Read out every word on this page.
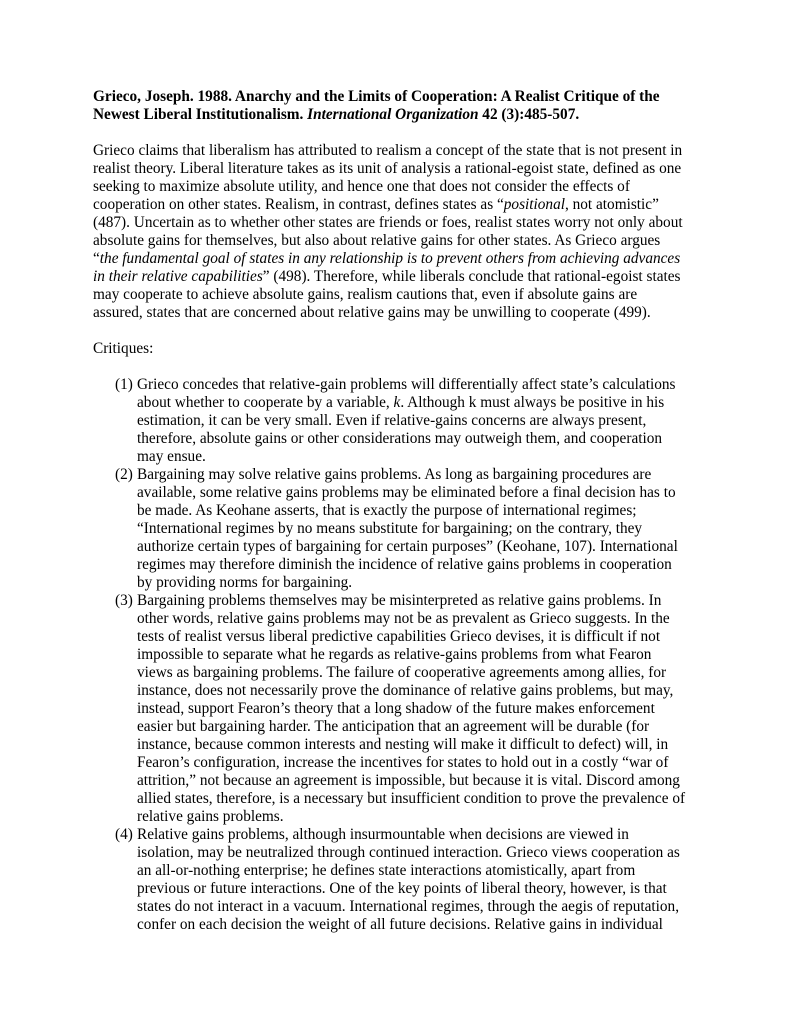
Grieco, Joseph. 1988. Anarchy and the Limits of Cooperation: A Realist Critique of the
Newest Liberal Institutionalism. International Organization 42 (3):485-507.
Grieco claims that liberalism has attributed to realism a concept of the state that is not present in
realist theory. Liberal literature takes as its unit of analysis a rational-egoist state, defined as one
seeking to maximize absolute utility, and hence one that does not consider the effects of
cooperation on other states. Realism, in contrast, defines states as “positional, not atomistic”
(487). Uncertain as to whether other states are friends or foes, realist states worry not only about
absolute gains for themselves, but also about relative gains for other states. As Grieco argues
“the fundamental goal of states in any relationship is to prevent others from achieving advances
in their relative capabilities” (498). Therefore, while liberals conclude that rational-egoist states
may cooperate to achieve absolute gains, realism cautions that, even if absolute gains are
assured, states that are concerned about relative gains may be unwilling to cooperate (499).
Critiques:
(1) Grieco concedes that relative-gain problems will differentially affect state’s calculations
about whether to cooperate by a variable, k. Although k must always be positive in his
estimation, it can be very small. Even if relative-gains concerns are always present,
therefore, absolute gains or other considerations may outweigh them, and cooperation
may ensue.
(2) Bargaining may solve relative gains problems. As long as bargaining procedures are
available, some relative gains problems may be eliminated before a final decision has to
be made. As Keohane asserts, that is exactly the purpose of international regimes;
“International regimes by no means substitute for bargaining; on the contrary, they
authorize certain types of bargaining for certain purposes” (Keohane, 107). International
regimes may therefore diminish the incidence of relative gains problems in cooperation
by providing norms for bargaining.
(3) Bargaining problems themselves may be misinterpreted as relative gains problems. In
other words, relative gains problems may not be as prevalent as Grieco suggests. In the
tests of realist versus liberal predictive capabilities Grieco devises, it is difficult if not
impossible to separate what he regards as relative-gains problems from what Fearon
views as bargaining problems. The failure of cooperative agreements among allies, for
instance, does not necessarily prove the dominance of relative gains problems, but may,
instead, support Fearon’s theory that a long shadow of the future makes enforcement
easier but bargaining harder. The anticipation that an agreement will be durable (for
instance, because common interests and nesting will make it difficult to defect) will, in
Fearon’s configuration, increase the incentives for states to hold out in a costly “war of
attrition,” not because an agreement is impossible, but because it is vital. Discord among
allied states, therefore, is a necessary but insufficient condition to prove the prevalence of
relative gains problems.
(4) Relative gains problems, although insurmountable when decisions are viewed in
isolation, may be neutralized through continued interaction. Grieco views cooperation as
an all-or-nothing enterprise; he defines state interactions atomistically, apart from
previous or future interactions. One of the key points of liberal theory, however, is that
states do not interact in a vacuum. International regimes, through the aegis of reputation,
confer on each decision the weight of all future decisions. Relative gains in individual
